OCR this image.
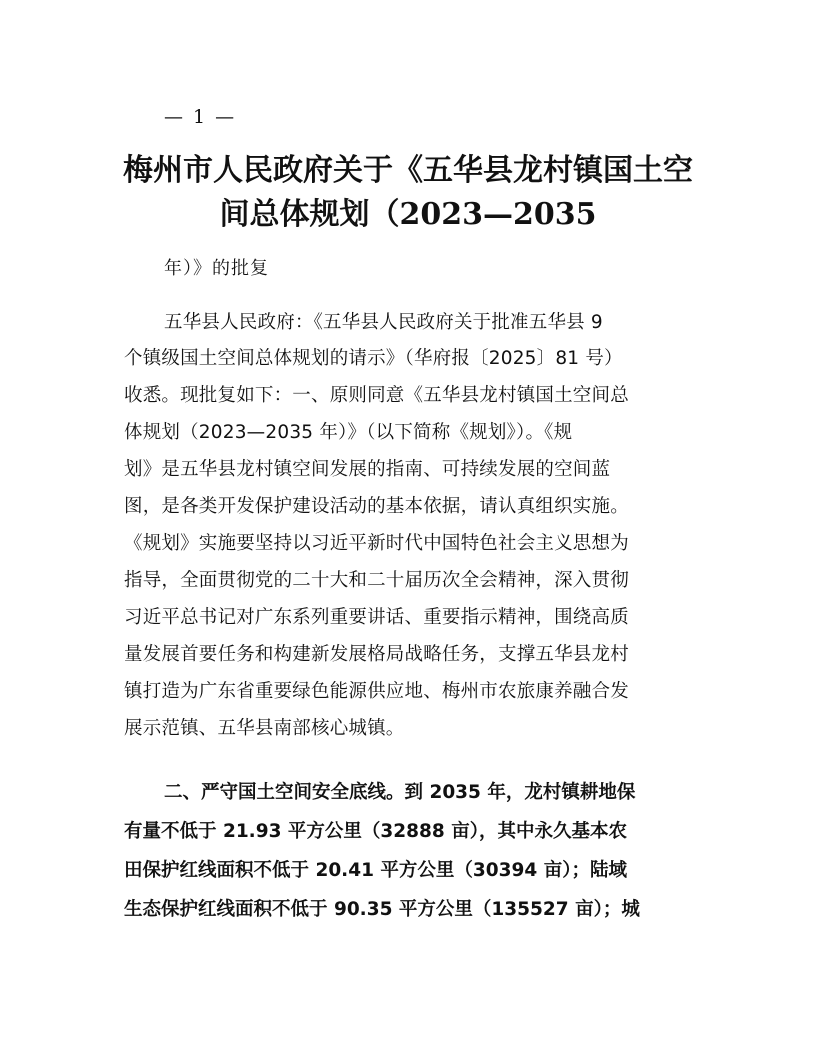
— 1 —
梅州市人民政府关于《五华县龙村镇国土空
间总体规划（2023—2035
年）》的批复
五华县人民政府：《五华县人民政府关于批准五华县 9
个镇级国土空间总体规划的请示》（华府报〔2025〕81 号）
收悉。现批复如下：一、原则同意《五华县龙村镇国土空间总
体规划（2023—2035 年）》（以下简称《规划》）。《规
划》是五华县龙村镇空间发展的指南、可持续发展的空间蓝
图，是各类开发保护建设活动的基本依据，请认真组织实施。
《规划》实施要坚持以习近平新时代中国特色社会主义思想为
指导，全面贯彻党的二十大和二十届历次全会精神，深入贯彻
习近平总书记对广东系列重要讲话、重要指示精神，围绕高质
量发展首要任务和构建新发展格局战略任务，支撑五华县龙村
镇打造为广东省重要绿色能源供应地、梅州市农旅康养融合发
展示范镇、五华县南部核心城镇。
二、严守国土空间安全底线。到 2035 年，龙村镇耕地保
有量不低于 21.93 平方公里（32888 亩），其中永久基本农
田保护红线面积不低于 20.41 平方公里（30394 亩）；陆域
生态保护红线面积不低于 90.35 平方公里（135527 亩）；城
